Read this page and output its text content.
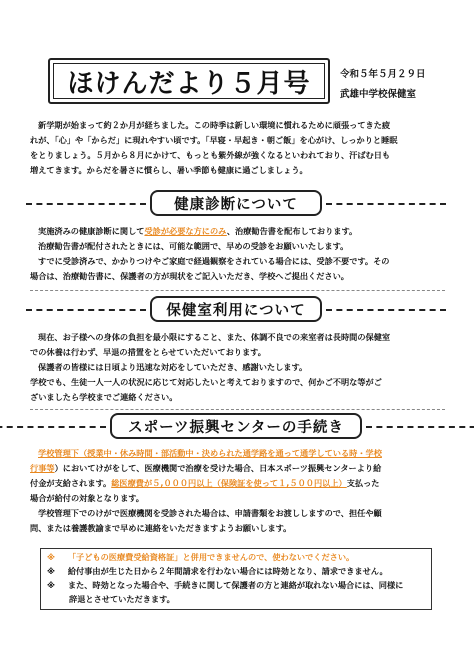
ほけんだより５月号	令和５年５月２９日
武雄中学校保健室
新学期が始まって約２か月が経ちました。この時季は新しい環境に慣れるために頑張ってきた疲
れが、「心」や「からだ」に現れやすい頃です。「早寝・早起き・朝ご飯」を心がけ、しっかりと睡眠
をとりましょう。５月から８月にかけて、もっとも紫外線が強くなるといわれており、汗ばむ日も
増えてきます。からだを暑さに慣らし、暑い季節も健康に過ごしましょう。
健康診断について
実施済みの健康診断に関して受診が必要な方にのみ、治療勧告書を配布しております。
治療勧告書が配付されたときには、可能な範囲で、早めの受診をお願いいたします。
すでに受診済みで、かかりつけやご家庭で経過観察をされている場合には、受診不要です。その
場合は、治療勧告書に、保護者の方が現状をご記入いただき、学校へご提出ください。
保健室利用について
現在、お子様への身体の負担を最小限にすること、また、体調不良での来室者は長時間の保健室
での休養は行わず、早退の措置をとらせていただいております。
保護者の皆様には日頃より迅速な対応をしていただき、感謝いたします。
学校でも、生徒一人一人の状況に応じて対応したいと考えておりますので、何かご不明な等がご
ざいましたら学校までご連絡ください。
スポーツ振興センターの手続き
学校管理下（授業中・休み時間・部活動中・決められた通学路を通って通学している時・学校
行事等）においてけがをして、医療機関で治療を受けた場合、日本スポーツ振興センターより給
付金が支給されます。総医療費が５,０００円以上（保険証を使って１,５００円以上）支払った
場合が給付の対象となります。
学校管理下でのけがで医療機関を受診された場合は、申請書類をお渡ししますので、担任や顧
問、または養護教諭まで早めに連絡をいただきますようお願いします。
※ 「子どもの医療費受給資格証」と併用できませんので、使わないでください。
※ 給付事由が生じた日から２年間請求を行わない場合には時効となり、請求できません。
※ また、時効となった場合や、手続きに関して保護者の方と連絡が取れない場合には、同様に
辞退とさせていただきます。
